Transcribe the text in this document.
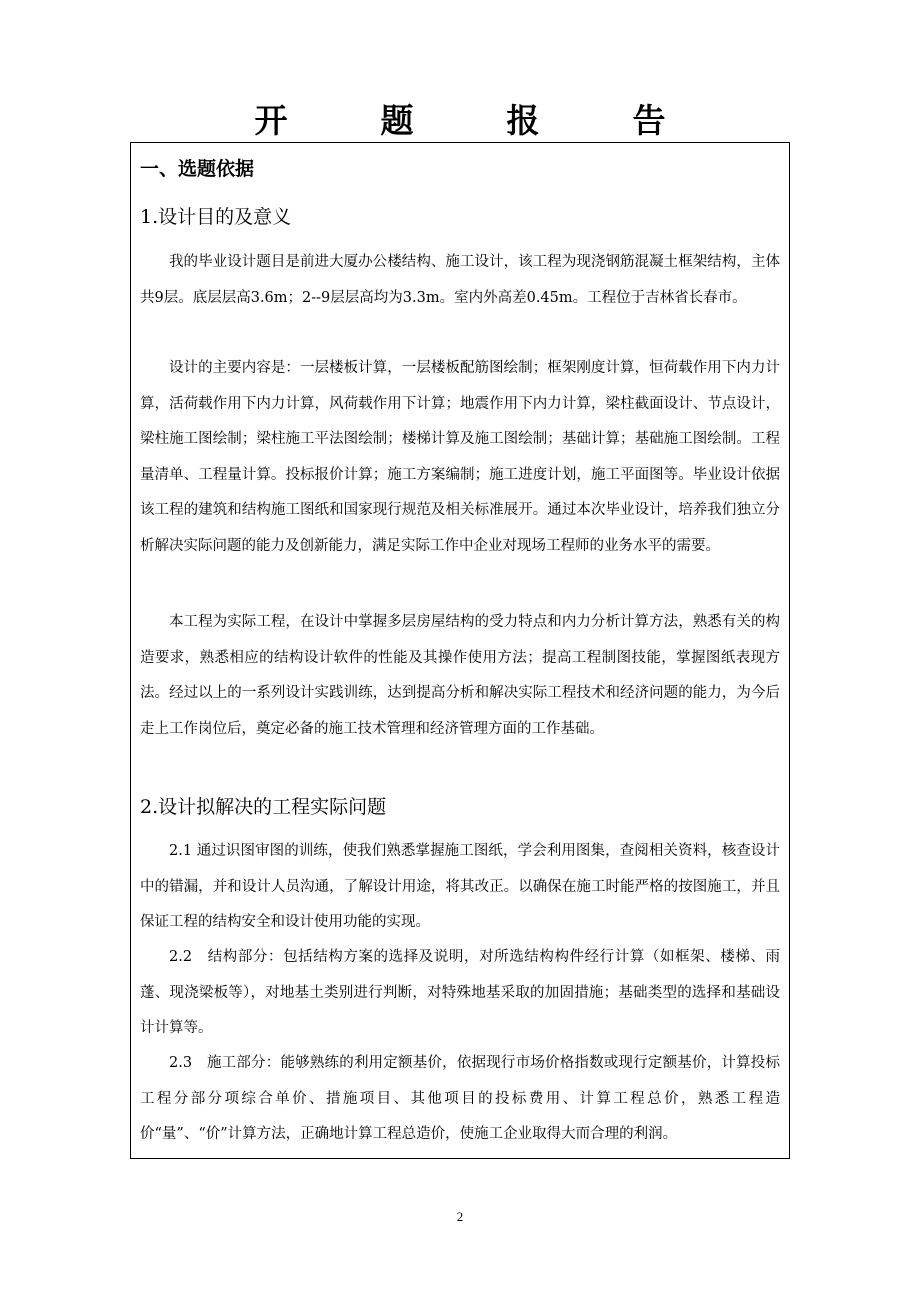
开　题　报　告
一、选题依据
1.设计目的及意义

我的毕业设计题目是前进大厦办公楼结构、施工设计，该工程为现浇钢筋混凝土框架结构，主体共9层。底层层高3.6m；2--9层层高均为3.3m。室内外高差0.45m。工程位于吉林省长春市。

设计的主要内容是：一层楼板计算，一层楼板配筋图绘制；框架刚度计算，恒荷载作用下内力计算，活荷载作用下内力计算，风荷载作用下计算；地震作用下内力计算，梁柱截面设计、节点设计，梁柱施工图绘制；梁柱施工平法图绘制；楼梯计算及施工图绘制；基础计算；基础施工图绘制。工程量清单、工程量计算。投标报价计算；施工方案编制；施工进度计划，施工平面图等。毕业设计依据该工程的建筑和结构施工图纸和国家现行规范及相关标准展开。通过本次毕业设计，培养我们独立分析解决实际问题的能力及创新能力，满足实际工作中企业对现场工程师的业务水平的需要。

本工程为实际工程，在设计中掌握多层房屋结构的受力特点和内力分析计算方法，熟悉有关的构造要求，熟悉相应的结构设计软件的性能及其操作使用方法；提高工程制图技能，掌握图纸表现方法。经过以上的一系列设计实践训练，达到提高分析和解决实际工程技术和经济问题的能力，为今后走上工作岗位后，奠定必备的施工技术管理和经济管理方面的工作基础。

2.设计拟解决的工程实际问题

2.1 通过识图审图的训练，使我们熟悉掌握施工图纸，学会利用图集，查阅相关资料，核查设计中的错漏，并和设计人员沟通，了解设计用途，将其改正。以确保在施工时能严格的按图施工，并且保证工程的结构安全和设计使用功能的实现。

2.2　结构部分：包括结构方案的选择及说明，对所选结构构件经行计算（如框架、楼梯、雨蓬、现浇梁板等），对地基土类别进行判断，对特殊地基采取的加固措施；基础类型的选择和基础设计计算等。

2.3　施工部分：能够熟练的利用定额基价，依据现行市场价格指数或现行定额基价，计算投标工程分部分项综合单价、措施项目、其他项目的投标费用、计算工程总价，熟悉工程造价“量”、“价”计算方法，正确地计算工程总造价，使施工企业取得大而合理的利润。

2
